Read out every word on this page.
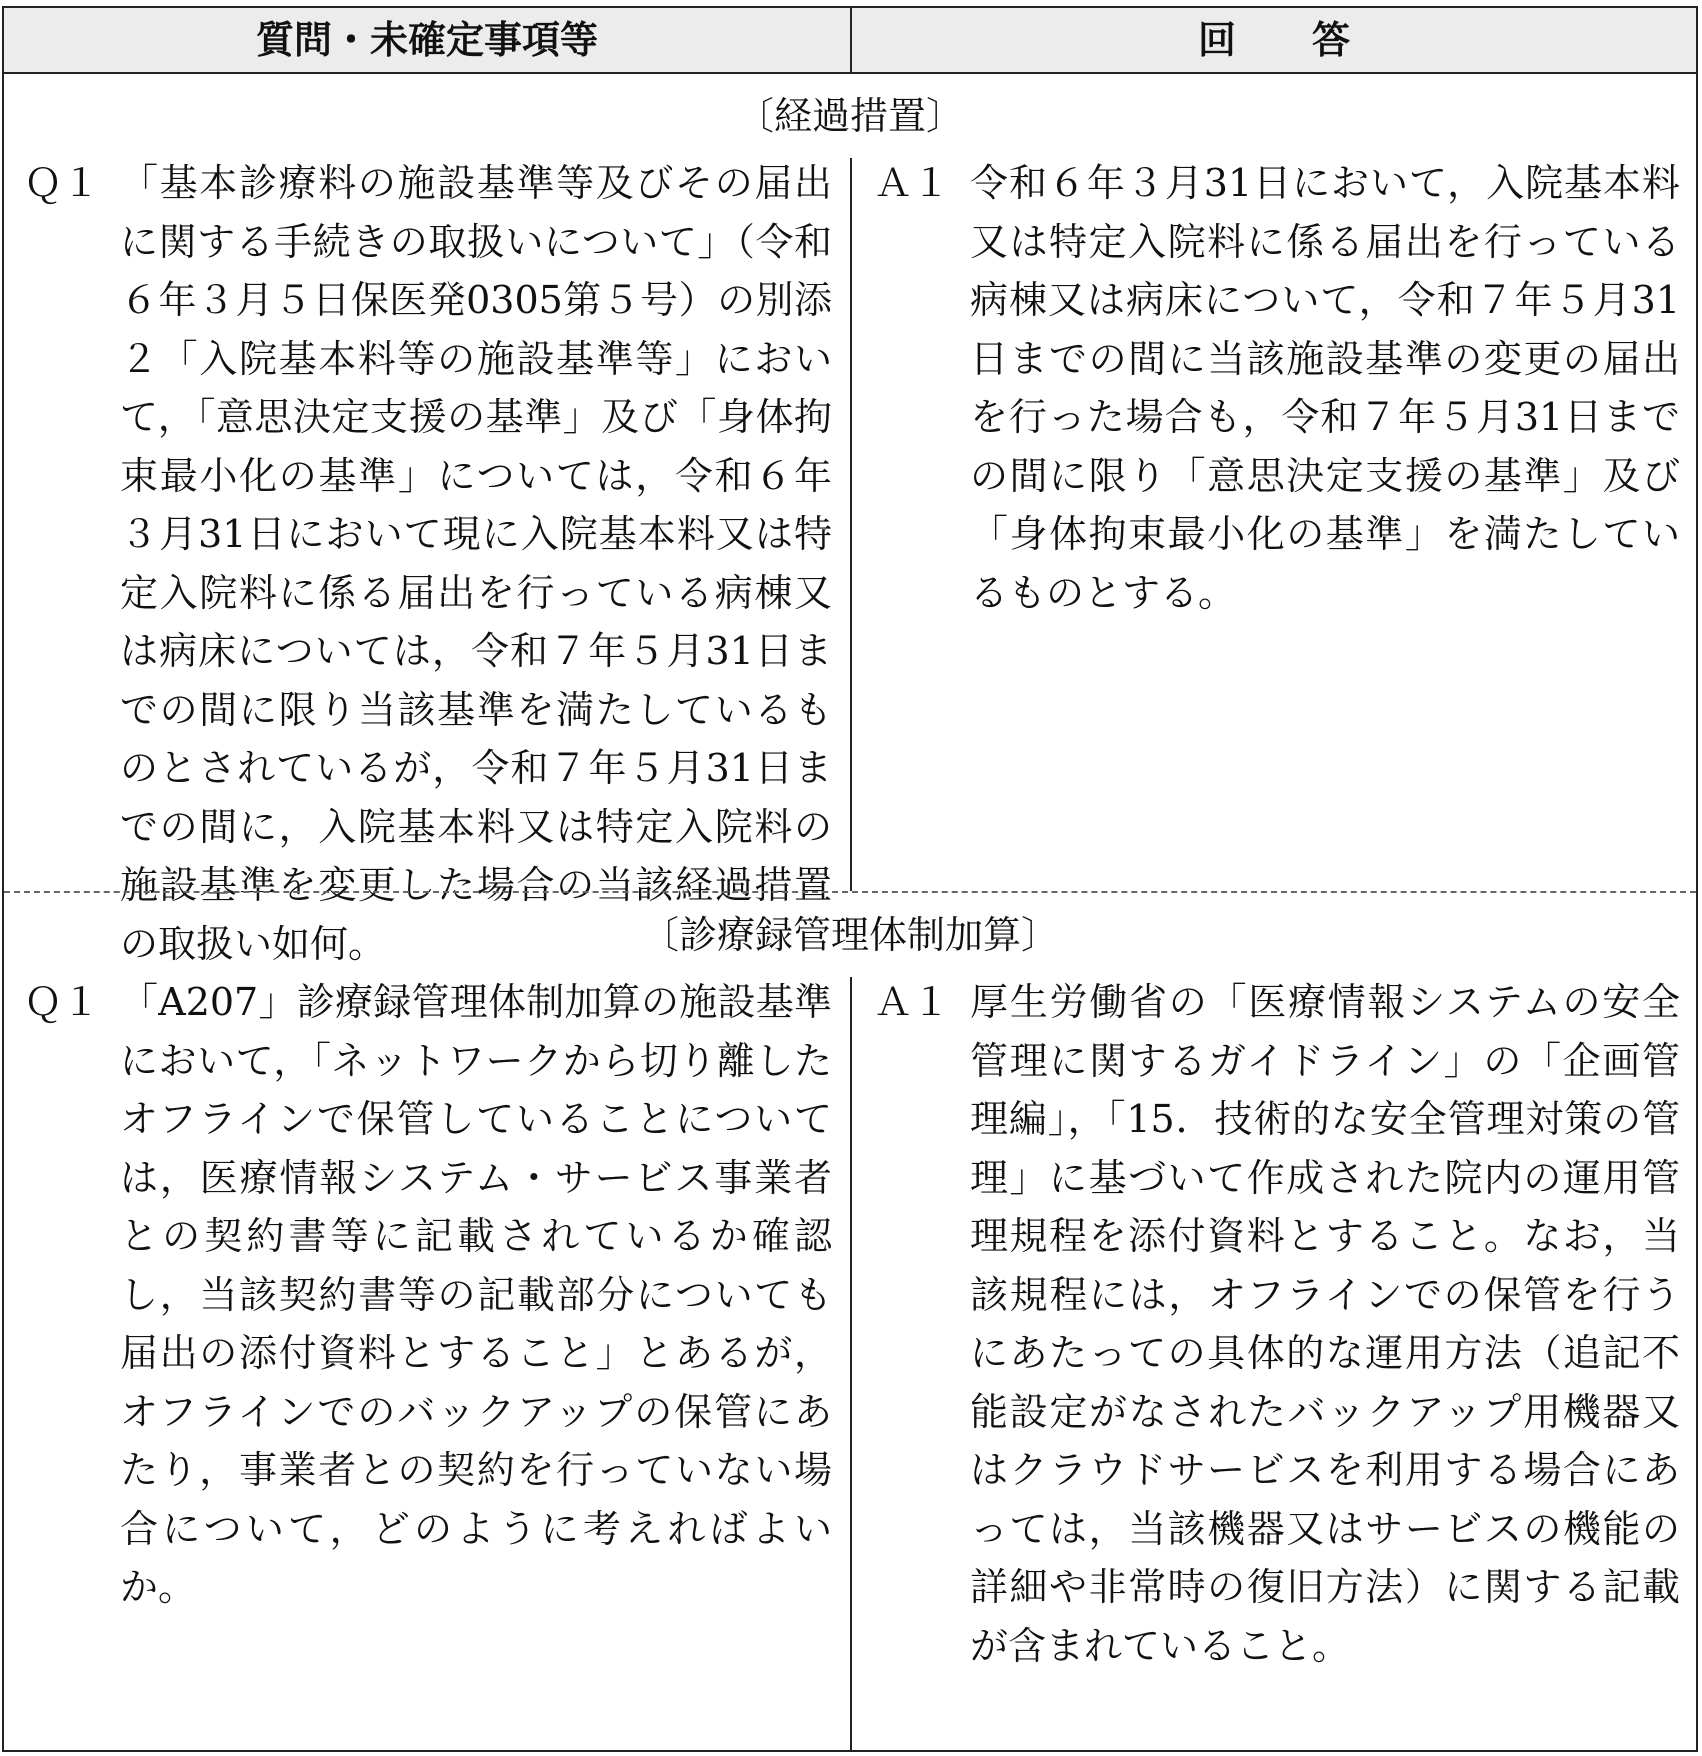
質問・未確定事項等	回　　答
〔経過措置〕
Ｑ１ 「基本診療料の施設基準等及びその届出に関する手続きの取扱いについて」（令和６年３月５日保医発0305第５号）の別添２「入院基本料等の施設基準等」において，「意思決定支援の基準」及び「身体拘束最小化の基準」については，令和６年３月31日において現に入院基本料又は特定入院料に係る届出を行っている病棟又は病床については，令和７年５月31日までの間に限り当該基準を満たしているものとされているが，令和７年５月31日までの間に，入院基本料又は特定入院料の施設基準を変更した場合の当該経過措置の取扱い如何。
Ａ１ 令和６年３月31日において，入院基本料又は特定入院料に係る届出を行っている病棟又は病床について，令和７年５月31日までの間に当該施設基準の変更の届出を行った場合も，令和７年５月31日までの間に限り「意思決定支援の基準」及び「身体拘束最小化の基準」を満たしているものとする。
〔診療録管理体制加算〕
Ｑ１ 「A207」診療録管理体制加算の施設基準において，「ネットワークから切り離したオフラインで保管していることについては，医療情報システム・サービス事業者との契約書等に記載されているか確認し，当該契約書等の記載部分についても届出の添付資料とすること」とあるが，オフラインでのバックアップの保管にあたり，事業者との契約を行っていない場合について，どのように考えればよいか。
Ａ１ 厚生労働省の「医療情報システムの安全管理に関するガイドライン」の「企画管理編」，「15．技術的な安全管理対策の管理」に基づいて作成された院内の運用管理規程を添付資料とすること。なお，当該規程には，オフラインでの保管を行うにあたっての具体的な運用方法（追記不能設定がなされたバックアップ用機器又はクラウドサービスを利用する場合にあっては，当該機器又はサービスの機能の詳細や非常時の復旧方法）に関する記載が含まれていること。
